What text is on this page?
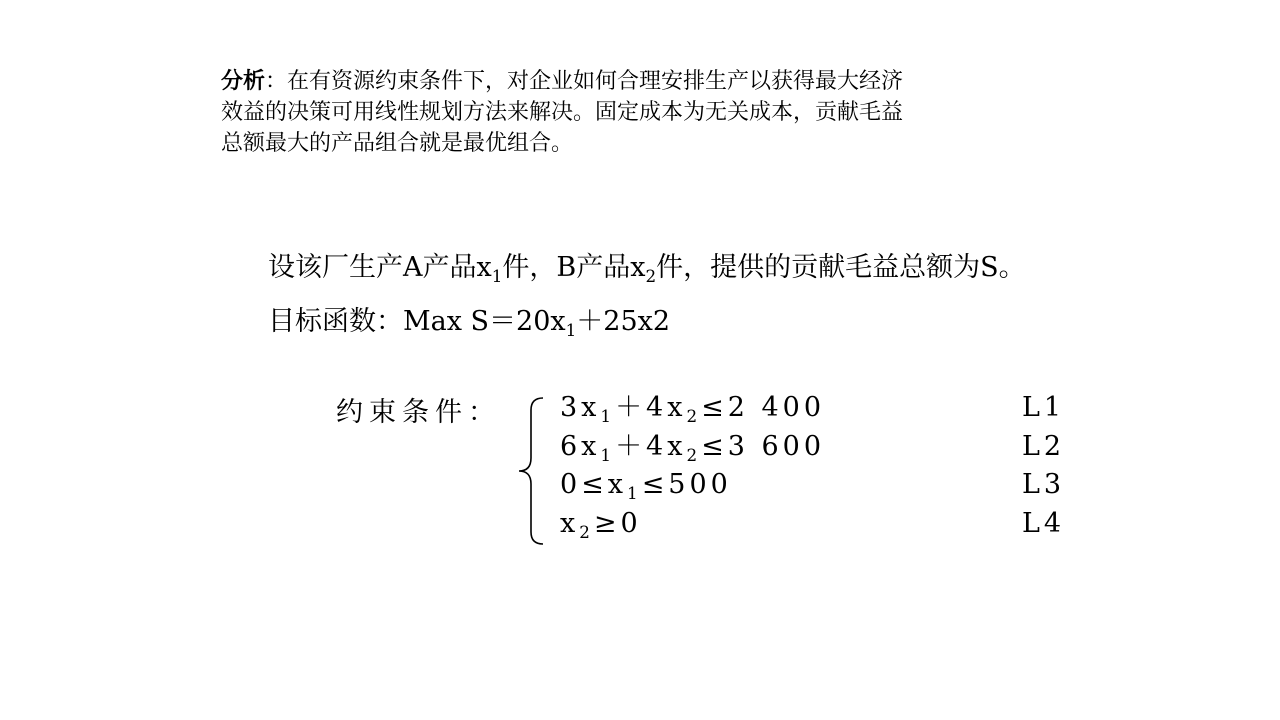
分析：在有资源约束条件下，对企业如何合理安排生产以获得最大经济
效益的决策可用线性规划方法来解决。固定成本为无关成本，贡献毛益
总额最大的产品组合就是最优组合。
设该厂生产A产品$x_1$件，B产品$x_2$件，提供的贡献毛益总额为S。
目标函数：Max $S=20x_1+25x2$
约束条件： $3x_1+4x_2\le 2$ 400	L1
$6x_1+4x_2\le 3$ 600	L2
$0\le x_1\le 500$	L3
$x_2\ge 0$	L4
